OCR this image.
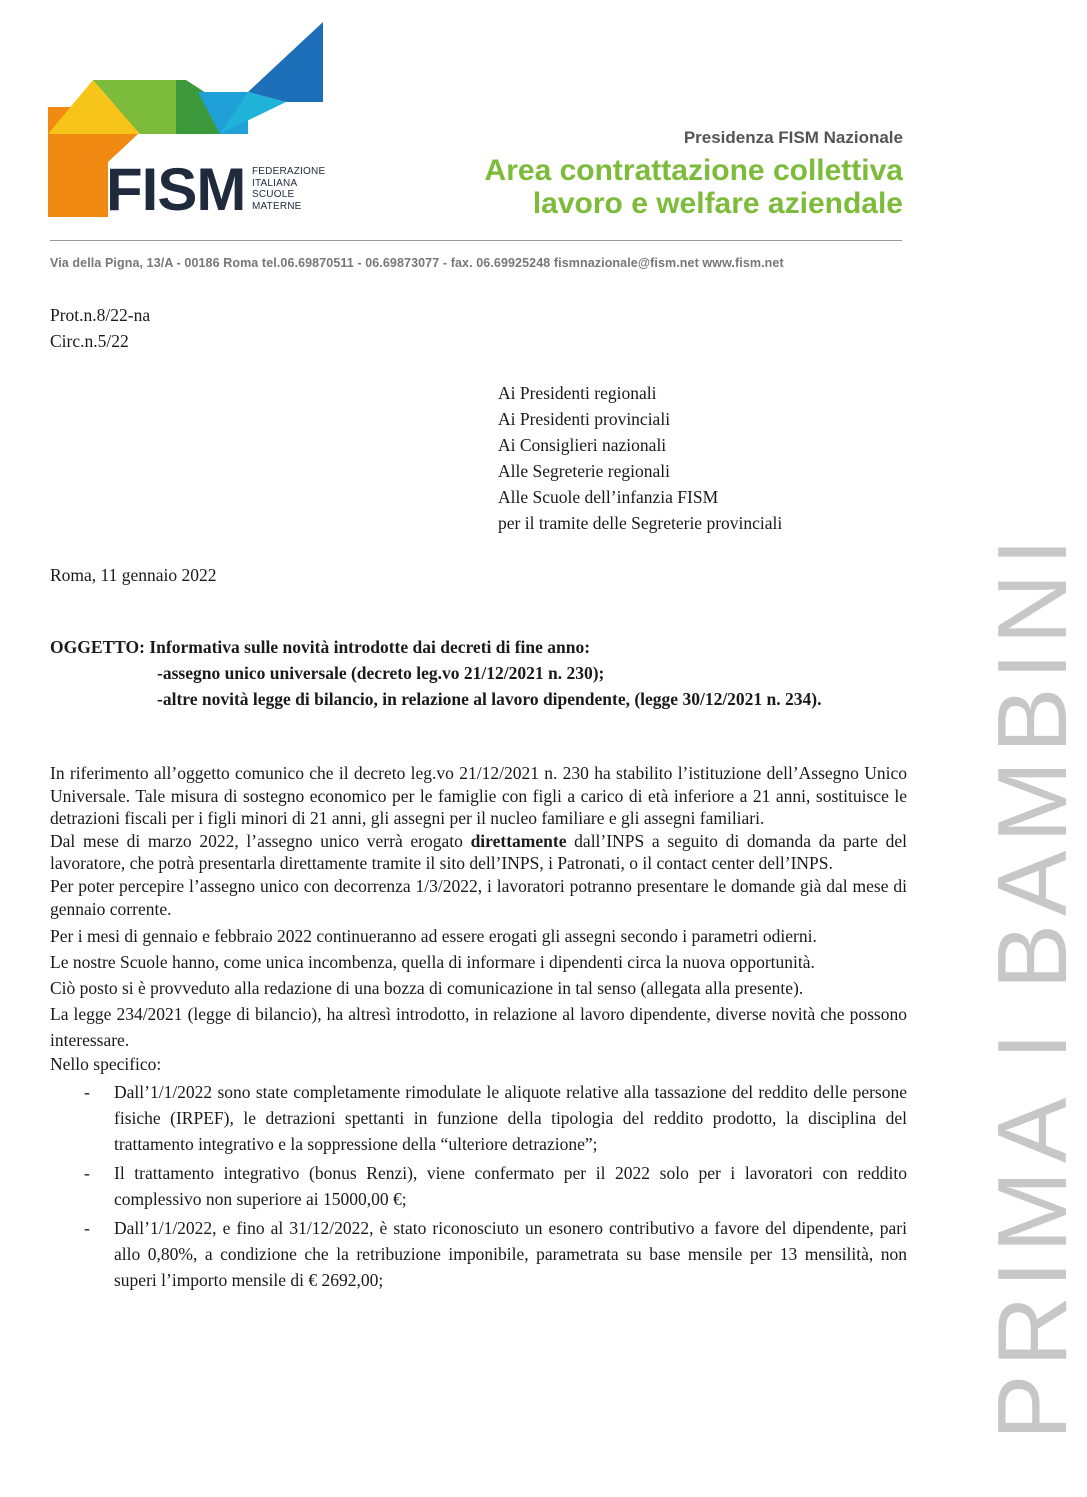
FISM FEDERAZIONE
ITALIANA
SCUOLE
MATERNE
Presidenza FISM Nazionale
Area contrattazione collettiva
lavoro e welfare aziendale
Via della Pigna, 13/A - 00186 Roma tel.06.69870511 - 06.69873077 - fax. 06.69925248 fismnazionale@fism.net www.fism.net
PRIMA I BAMBINI
Prot.n.8/22-na
Circ.n.5/22
Ai Presidenti regionali
Ai Presidenti provinciali
Ai Consiglieri nazionali
Alle Segreterie regionali
Alle Scuole dell’infanzia FISM
per il tramite delle Segreterie provinciali
Roma, 11 gennaio 2022
OGGETTO: Informativa sulle novità introdotte dai decreti di fine anno:
-assegno unico universale (decreto leg.vo 21/12/2021 n. 230);
-altre novità legge di bilancio, in relazione al lavoro dipendente, (legge 30/12/2021 n. 234).

In riferimento all’oggetto comunico che il decreto leg.vo 21/12/2021 n. 230 ha stabilito l’istituzione dell’Assegno Unico Universale. Tale misura di sostegno economico per le famiglie con figli a carico di età inferiore a 21 anni, sostituisce le detrazioni fiscali per i figli minori di 21 anni, gli assegni per il nucleo familiare e gli assegni familiari.

Dal mese di marzo 2022, l’assegno unico verrà erogato direttamente dall’INPS a seguito di domanda da parte del lavoratore, che potrà presentarla direttamente tramite il sito dell’INPS, i Patronati, o il contact center dell’INPS.

Per poter percepire l’assegno unico con decorrenza 1/3/2022, i lavoratori potranno presentare le domande già dal mese di gennaio corrente.

Per i mesi di gennaio e febbraio 2022 continueranno ad essere erogati gli assegni secondo i parametri odierni.

Le nostre Scuole hanno, come unica incombenza, quella di informare i dipendenti circa la nuova opportunità.

Ciò posto si è provveduto alla redazione di una bozza di comunicazione in tal senso (allegata alla presente).

La legge 234/2021 (legge di bilancio), ha altresì introdotto, in relazione al lavoro dipendente, diverse novità che possono interessare.

Nello specifico:

- Dall’1/1/2022 sono state completamente rimodulate le aliquote relative alla tassazione del reddito delle persone fisiche (IRPEF), le detrazioni spettanti in funzione della tipologia del reddito prodotto, la disciplina del trattamento integrativo e la soppressione della “ulteriore detrazione”;
- Il trattamento integrativo (bonus Renzi), viene confermato per il 2022 solo per i lavoratori con reddito complessivo non superiore ai 15000,00 €;
- Dall’1/1/2022, e fino al 31/12/2022, è stato riconosciuto un esonero contributivo a favore del dipendente, pari allo 0,80%, a condizione che la retribuzione imponibile, parametrata su base mensile per 13 mensilità, non superi l’importo mensile di € 2692,00;
